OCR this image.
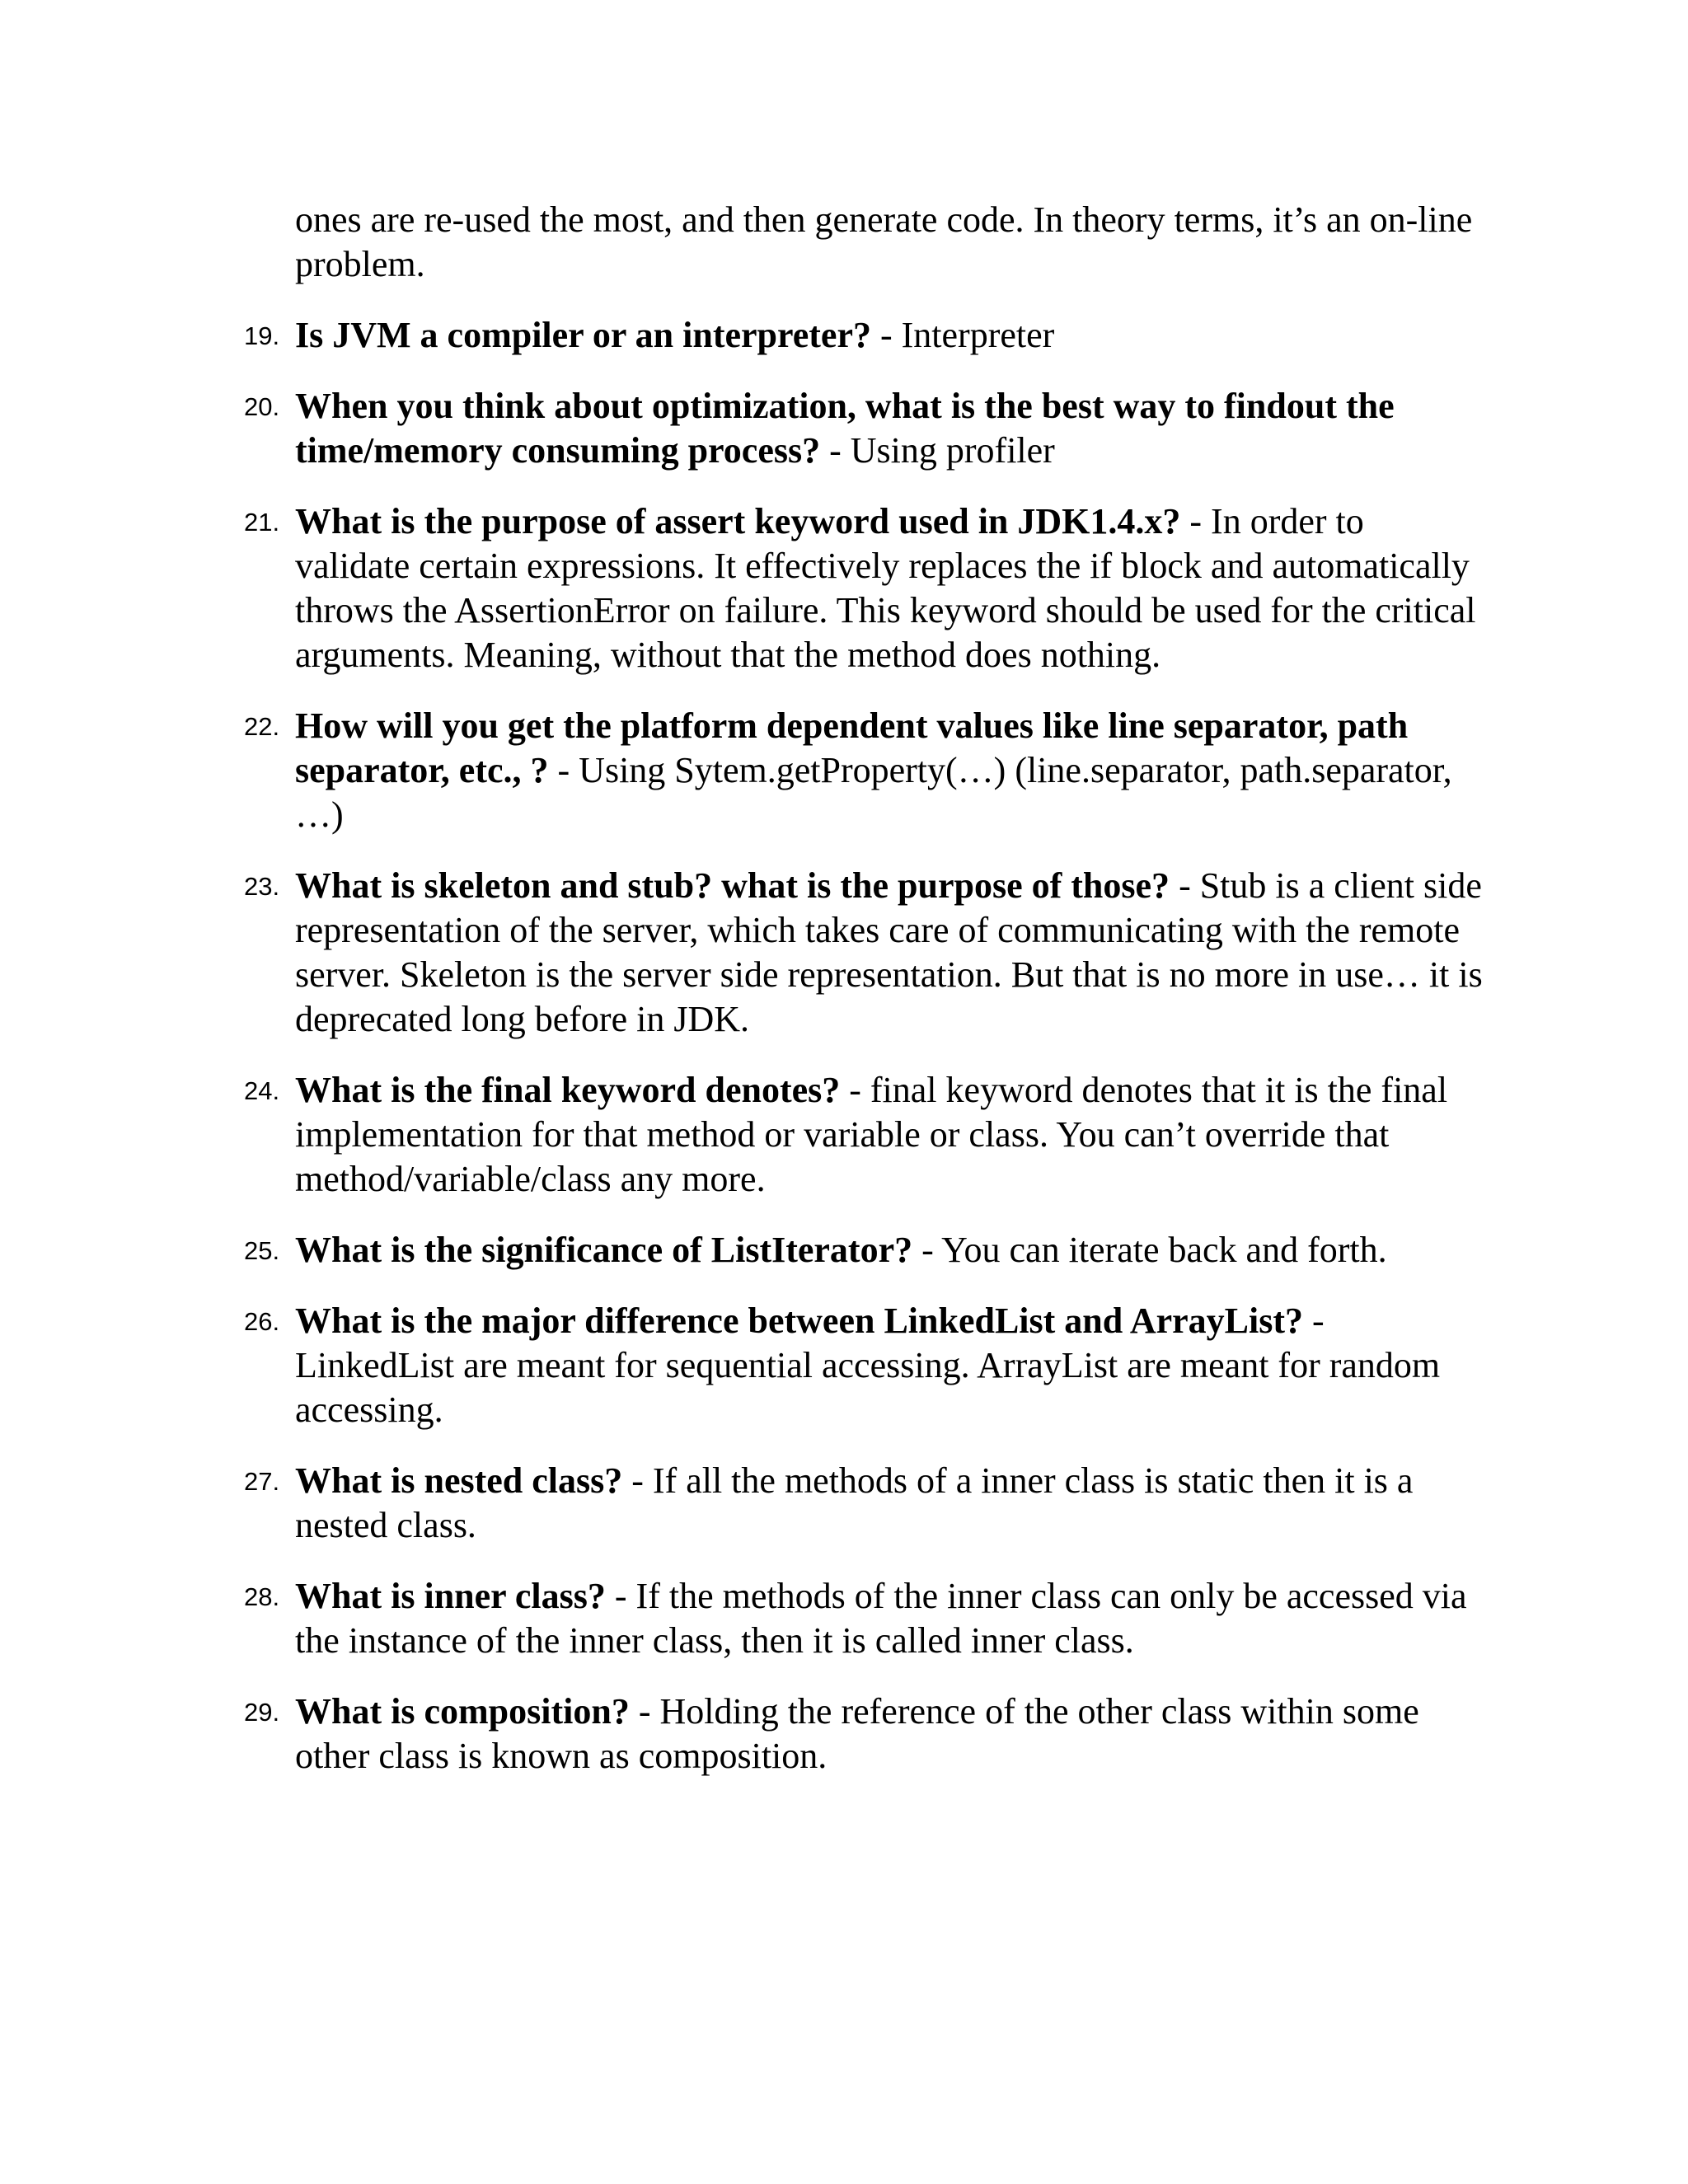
ones are re-used the most, and then generate code. In theory terms, it’s an on-line problem.

19. Is JVM a compiler or an interpreter? - Interpreter
20. When you think about optimization, what is the best way to findout the time/memory consuming process? - Using profiler
21. What is the purpose of assert keyword used in JDK1.4.x? - In order to validate certain expressions. It effectively replaces the if block and automatically throws the AssertionError on failure. This keyword should be used for the critical arguments. Meaning, without that the method does nothing.
22. How will you get the platform dependent values like line separator, path separator, etc., ? - Using Sytem.getProperty(…) (line.separator, path.separator, …)
23. What is skeleton and stub? what is the purpose of those? - Stub is a client side representation of the server, which takes care of communicating with the remote server. Skeleton is the server side representation. But that is no more in use… it is deprecated long before in JDK.
24. What is the final keyword denotes? - final keyword denotes that it is the final implementation for that method or variable or class. You can’t override that method/variable/class any more.
25. What is the significance of ListIterator? - You can iterate back and forth.
26. What is the major difference between LinkedList and ArrayList? - LinkedList are meant for sequential accessing. ArrayList are meant for random accessing.
27. What is nested class? - If all the methods of a inner class is static then it is a nested class.
28. What is inner class? - If the methods of the inner class can only be accessed via the instance of the inner class, then it is called inner class.
29. What is composition? - Holding the reference of the other class within some other class is known as composition.
